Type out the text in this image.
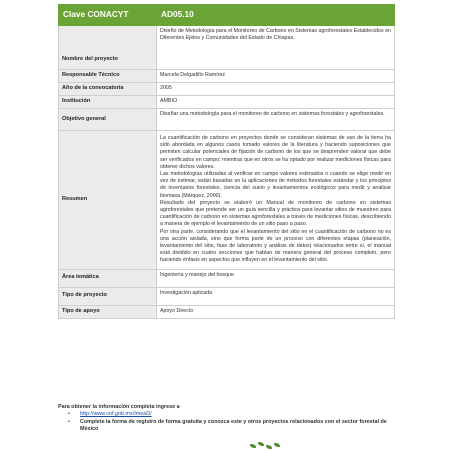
Clave CONACYT	AD05.10
Nombre del proyecto	Diseño de Metodología para el Monitoreo de Carbono en Sistemas agroforestales Establecidos en Diferentes Ejidos y Comunidades del Estado de Chiapas.
Responsable Técnico	Marcela Delgadillo Ramírez
Año de la convocatoria	2005
Institución	AMBIO
Objetivo general	Diseñar una metodología para el monitoreo de carbono en sistemas forestales y agroforestales.
Resumen	La cuantificación de carbono en proyectos donde se consideran sistemas de uso de la tierra ha sido abordada en algunos casos tomado valores de la literatura y haciendo suposiciones que permiten calcular potenciales de fijación de carbono de los que se desprenden valorar que debe ser verificados en campo; mientras que en otros se ha optado por realizar mediciones físicas para obtener dichos valores.

Las metodologías utilizadas al verificar en campo valores estimados o cuando se elige medir en vez de estimar, están basadas en la aplicaciones de métodos forestales estándar y los principios de inventarios forestales, ciencia del suelo y levantamientos ecológicos para medir y analizar biomasa (Márquez, 2000).

Resultado del proyecto se elaboró un Manual de monitoreo de carbono en sistemas agroforestales que pretende ser un guía sencilla y práctica para levantar sitios de muestreo para cuantificación de carbono en sistemas agroforestales a través de mediciones físicas, describiendo a manera de ejemplo el levantamiento de un sitio paso a paso.

Por otra parte, considerando que el levantamiento del sitio en el cuantificación de carbono no es una acción aislada, sino que forma parte de un proceso con diferentes etapas (planeación, levantamiento del sitio, fase de laboratorio y análisis de datos) relacionados entre sí, el manual está dividido en cuatro secciones que hablan de manera general del proceso completo, pero haciendo énfasis en aspectos que influyen en el levantamiento del sitio.

Área temática	Ingeniería y manejo del bosque
Tipo de proyecto	Investigación aplicada
Tipo de apoyo	Apoyo Directo
Para obtener la información completa ingrese a
• http://www.cnf.gob.mx/ImeaD/
• Complete la forma de registro de forma gratuita y conozca este y otros proyectos relacionados con el sector forestal de México
